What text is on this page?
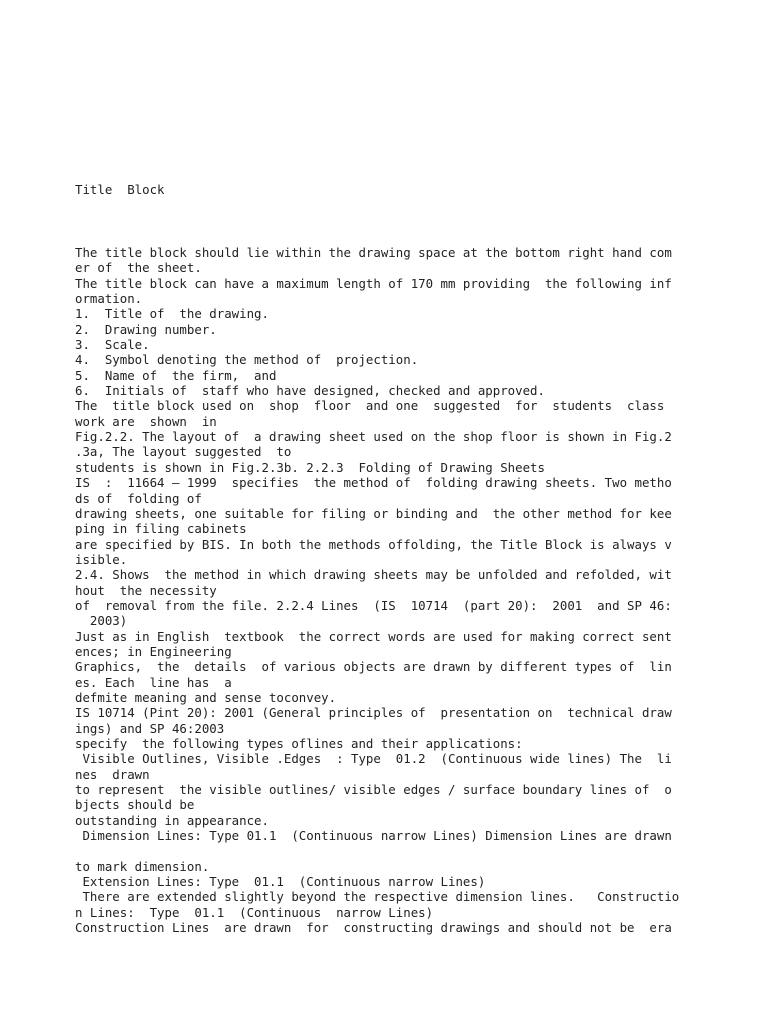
Title  Block
The title block should lie within the drawing space at the bottom right hand com
er of  the sheet.
The title block can have a maximum length of 170 mm providing  the following inf
ormation.
1.  Title of  the drawing.
2.  Drawing number.
3.  Scale.
4.  Symbol denoting the method of  projection.
5.  Name of  the firm,  and
6.  Initials of  staff who have designed, checked and approved.
The  title block used on  shop  floor  and one  suggested  for  students  class
work are  shown  in
Fig.2.2. The layout of  a drawing sheet used on the shop floor is shown in Fig.2
.3a, The layout suggested  to
students is shown in Fig.2.3b. 2.2.3  Folding of Drawing Sheets
IS  :  11664 – 1999  specifies  the method of  folding drawing sheets. Two metho
ds of  folding of
drawing sheets, one suitable for filing or binding and  the other method for kee
ping in filing cabinets
are specified by BIS. In both the methods offolding, the Title Block is always v
isible.
2.4. Shows  the method in which drawing sheets may be unfolded and refolded, wit
hout  the necessity
of  removal from the file. 2.2.4 Lines  (IS  10714  (part 20):  2001  and SP 46:
2003)
Just as in English  textbook  the correct words are used for making correct sent
ences; in Engineering
Graphics,  the  details  of various objects are drawn by different types of  lin
es. Each  line has  a
defmite meaning and sense toconvey.
IS 10714 (Pint 20): 2001 (General principles of  presentation on  technical draw
ings) and SP 46:2003
specify  the following types oflines and their applications:
Visible Outlines, Visible .Edges  : Type  01.2  (Continuous wide lines) The  li
nes  drawn
to represent  the visible outlines/ visible edges / surface boundary lines of  o
bjects should be
outstanding in appearance.
Dimension Lines: Type 01.1  (Continuous narrow Lines) Dimension Lines are drawn
to mark dimension.
Extension Lines: Type  01.1  (Continuous narrow Lines)
There are extended slightly beyond the respective dimension lines.   Constructio
n Lines:  Type  01.1  (Continuous  narrow Lines)
Construction Lines  are drawn  for  constructing drawings and should not be  era
